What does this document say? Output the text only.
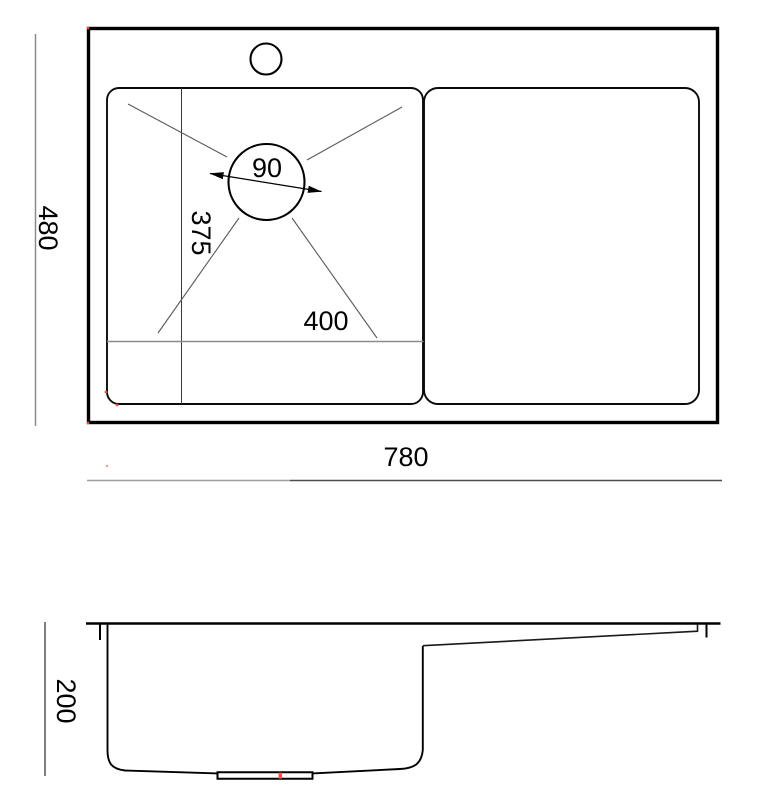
480	375
400
90
780
200
